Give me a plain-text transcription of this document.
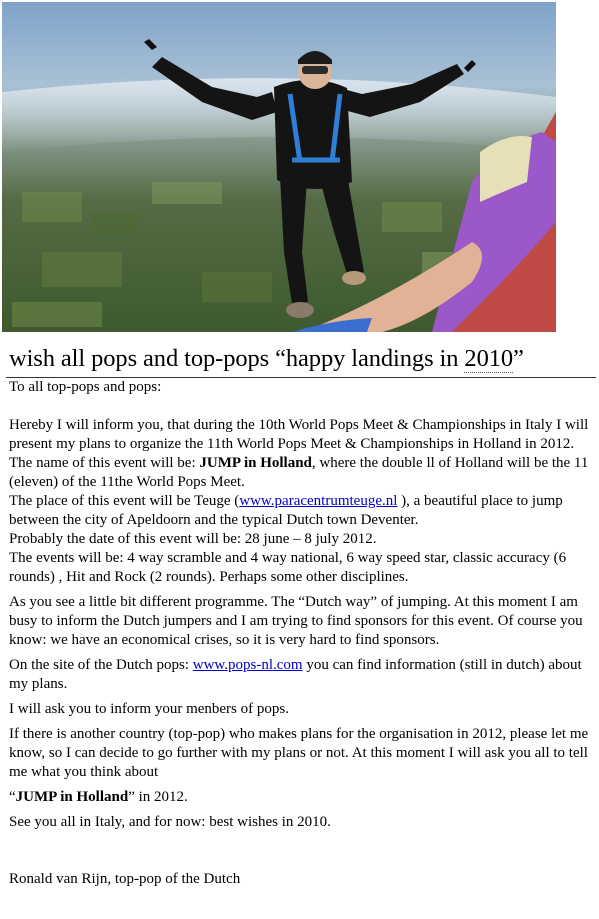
wish all pops and top-pops “happy landings in 2010”

To all top-pops and pops:

Hereby I will inform you, that during the 10th World Pops Meet & Championships in Italy I will present my plans to organize the 11th World Pops Meet & Championships in Holland in 2012.

The name of this event will be: JUMP in Holland, where the double ll of Holland will be the 11 (eleven) of the 11the World Pops Meet.

The place of this event will be Teuge (www.paracentrumteuge.nl ), a beautiful place to jump between the city of Apeldoorn and the typical Dutch town Deventer.

Probably the date of this event will be: 28 june – 8 july 2012.

The events will be: 4 way scramble and 4 way national, 6 way speed star, classic accuracy (6 rounds) , Hit and Rock (2 rounds). Perhaps some other disciplines.

As you see a little bit different programme. The “Dutch way” of jumping. At this moment I am busy to inform the Dutch jumpers and I am trying to find sponsors for this event. Of course you know: we have an economical crises, so it is very hard to find sponsors.

On the site of the Dutch pops: www.pops-nl.com you can find information (still in dutch) about my plans.

I will ask you to inform your menbers of pops.

If there is another country (top-pop) who makes plans for the organisation in 2012, please let me know, so I can decide to go further with my plans or not. At this moment I will ask you all to tell me what you think about

“JUMP in Holland” in 2012.

See you all in Italy, and for now: best wishes in 2010.

Ronald van Rijn, top-pop of the Dutch
